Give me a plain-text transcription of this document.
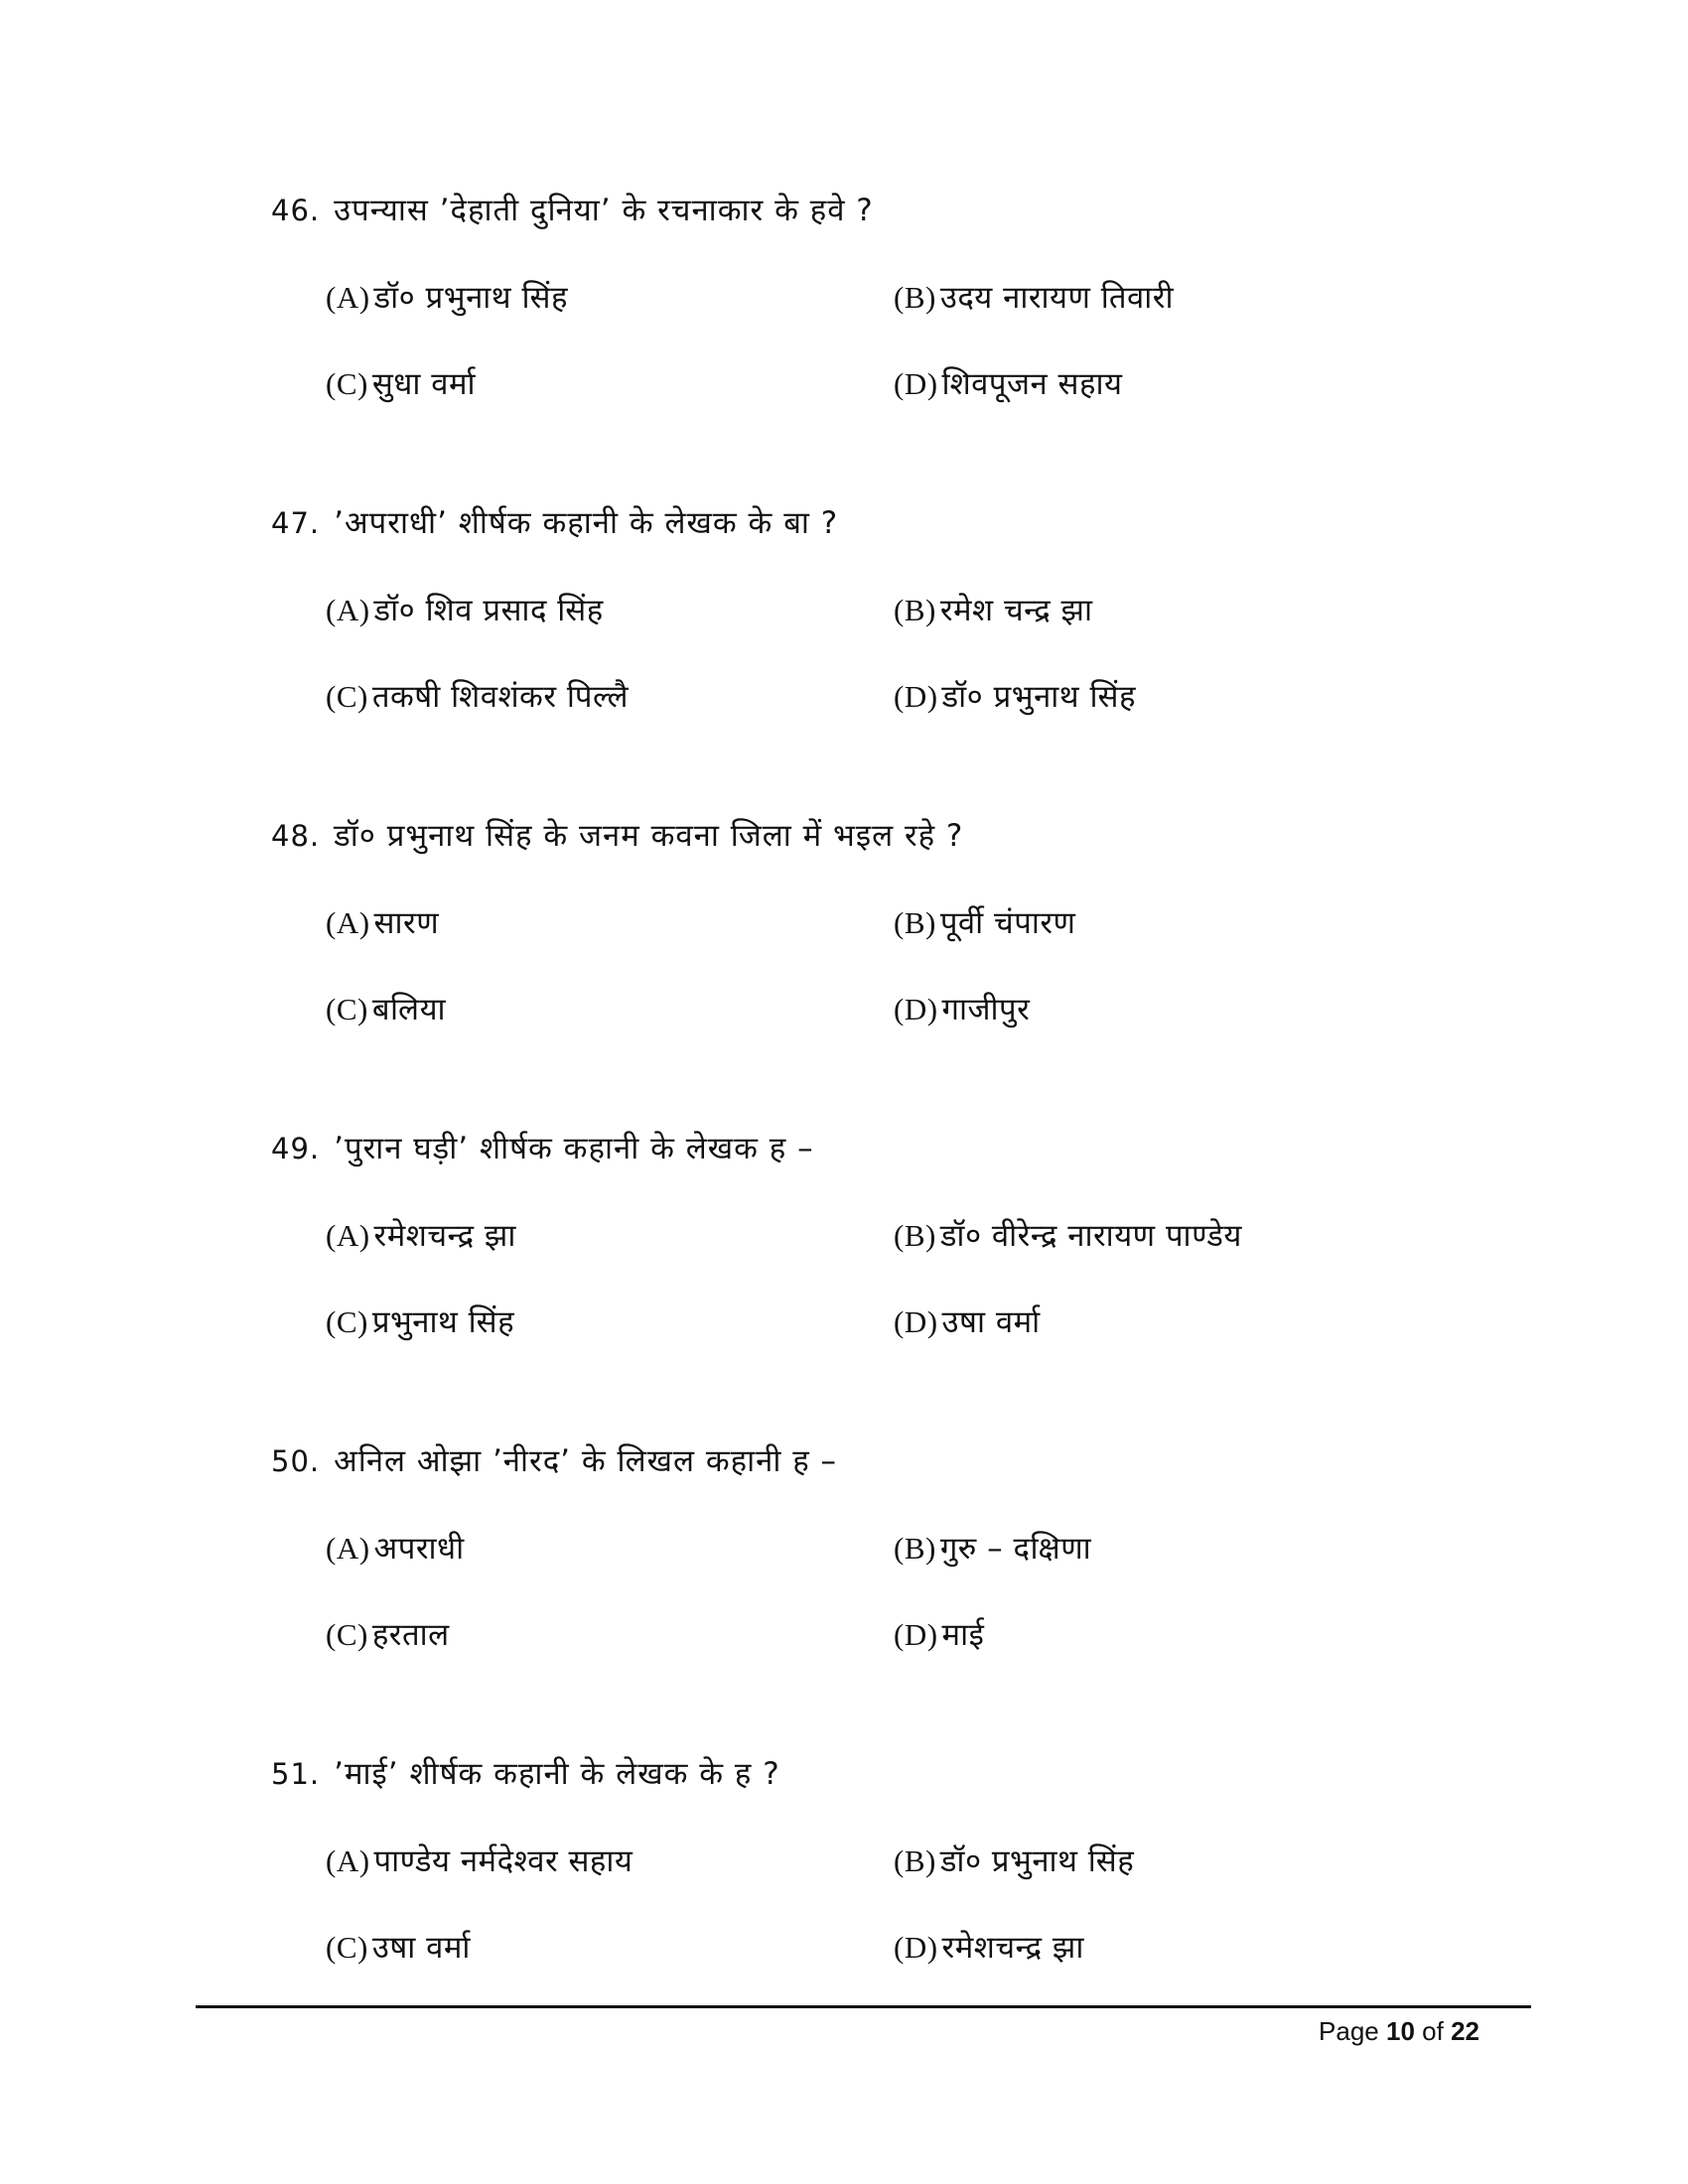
46. उपन्यास ’देहाती दुनिया’ के रचनाकार के हवे ?
(A) डॉ० प्रभुनाथ सिंह	(B) उदय नारायण तिवारी
(C) सुधा वर्मा	(D) शिवपूजन सहाय
47. ’अपराधी’ शीर्षक कहानी के लेखक के बा ?
(A) डॉ० शिव प्रसाद सिंह	(B) रमेश चन्द्र झा
(C) तकषी शिवशंकर पिल्लै	(D) डॉ० प्रभुनाथ सिंह
48. डॉ० प्रभुनाथ सिंह के जनम कवना जिला में भइल रहे ?
(A) सारण	(B) पूर्वी चंपारण
(C) बलिया	(D) गाजीपुर
49. ’पुरान घड़ी’ शीर्षक कहानी के लेखक ह –
(A) रमेशचन्द्र झा	(B) डॉ० वीरेन्द्र नारायण पाण्डेय
(C) प्रभुनाथ सिंह	(D) उषा वर्मा
50. अनिल ओझा ’नीरद’ के लिखल कहानी ह –
(A) अपराधी	(B) गुरु – दक्षिणा
(C) हरताल	(D) माई
51. ’माई’ शीर्षक कहानी के लेखक के ह ?
(A) पाण्डेय नर्मदेश्वर सहाय	(B) डॉ० प्रभुनाथ सिंह
(C) उषा वर्मा	(D) रमेशचन्द्र झा
Page 10 of 22
